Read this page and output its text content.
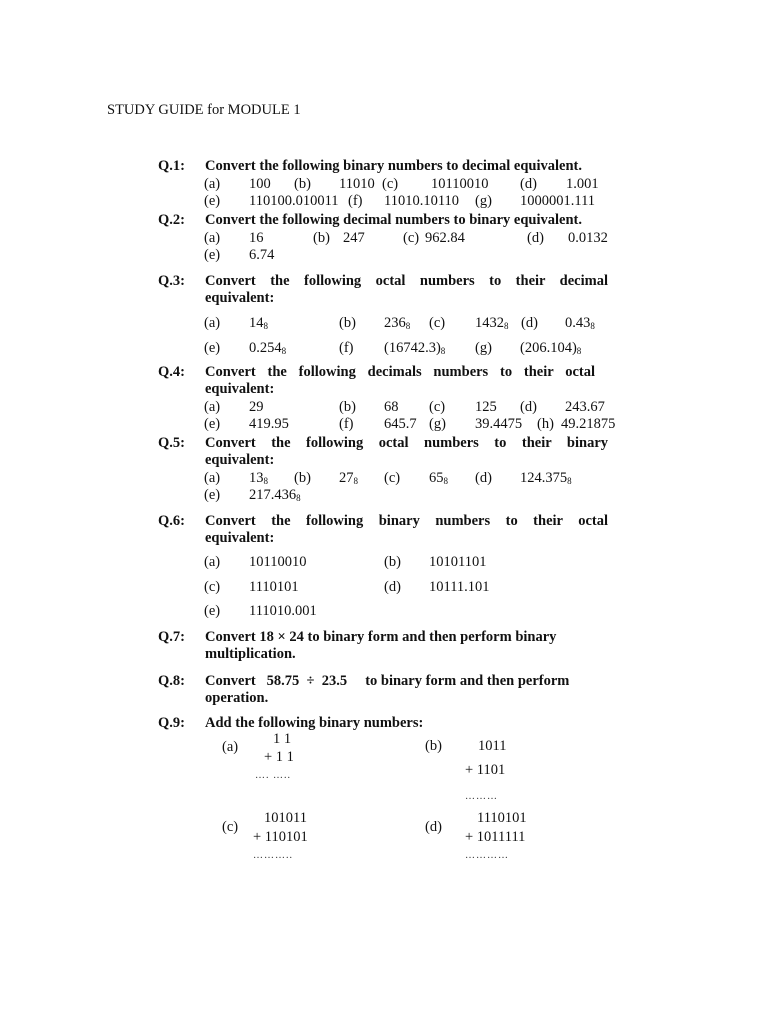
STUDY GUIDE for MODULE 1
Q.1: Convert the following binary numbers to decimal equivalent.
(a) 100 (b) 11010 (c) 10110010 (d) 1.001
(e) 110100.010011 (f) 11010.10110 (g) 1000001.111
Q.2: Convert the following decimal numbers to binary equivalent.
(a) 16	(b) 247	(c) 962.84	(d) 0.0132
(e) 6.74
Q.3: Convert the following octal numbers to their decimal
equivalent:
(a) $14_8$	(b) $236_8$ (c) $1432_8$ (d) $0.43_8$
(e) $0.254_8$	(f) $(16742.3)_8$ (g) $(206.104)_8$
Q.4: Convert the following decimals numbers to their octal
equivalent:
(a) 29	(b) 68 (c) 125 (d) 243.67
(e) 419.95	(f) 645.7 (g) 39.4475 (h) 49.21875
Q.5: Convert the following octal numbers to their binary
equivalent:
(a) $13_8$ (b) $27_8$ (c) $65_8$ (d) $124.375_8$
(e) $217.436_8$
Q.6: Convert the following binary numbers to their octal
equivalent:
(a) 10110010	(b) 10101101
(c) 1110101	(d) 10111.101
(e) 111010.001
Q.7: Convert 18 × 24 to binary form and then perform binary
multiplication.
Q.8: Convert   58.75  ÷  23.5     to binary form and then perform
operation.
Q.9: Add the following binary numbers:
(a) 1 1
+ 1 1
…. …..
(b) 1011
+ 1101
………
(c)
101011
+ 110101
………..
(d)
1110101
+ 1011111
…………
